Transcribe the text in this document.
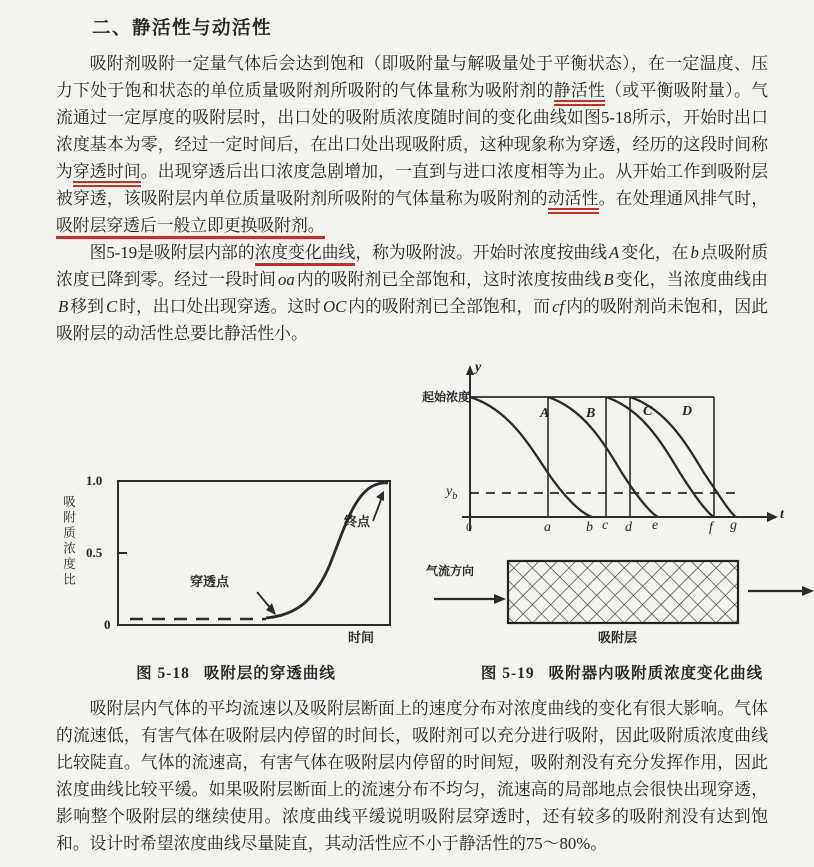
二、静活性与动活性

吸附剂吸附一定量气体后会达到饱和（即吸附量与解吸量处于平衡状态），在一定温度、压力下处于饱和状态的单位质量吸附剂所吸附的气体量称为吸附剂的静活性（或平衡吸附量）。气流通过一定厚度的吸附层时，出口处的吸附质浓度随时间的变化曲线如图5-18所示，开始时出口浓度基本为零，经过一定时间后，在出口处出现吸附质，这种现象称为穿透，经历的这段时间称为穿透时间。出现穿透后出口浓度急剧增加，一直到与进口浓度相等为止。从开始工作到吸附层被穿透，该吸附层内单位质量吸附剂所吸附的气体量称为吸附剂的动活性。在处理通风排气时，吸附层穿透后一般立即更换吸附剂。

图5-19是吸附层内部的浓度变化曲线，称为吸附波。开始时浓度按曲线 A 变化，在 b 点吸附质浓度已降到零。经过一段时间 oa 内的吸附剂已全部饱和，这时浓度按曲线 B 变化，当浓度曲线由B 移到 C 时，出口处出现穿透。这时 OC 内的吸附剂已全部饱和，而 cf 内的吸附剂尚未饱和，因此吸附层的动活性总要比静活性小。

1.0
0.5
0
吸附质浓度比	穿透点
终点
时间
图 5-18 吸附层的穿透曲线
y
t
起始浓度
$y_b$
A	B	C D
0	a	b c d e	f g
气流方向
吸附层
图 5-19 吸附器内吸附质浓度变化曲线

吸附层内气体的平均流速以及吸附层断面上的速度分布对浓度曲线的变化有很大影响。气体的流速低，有害气体在吸附层内停留的时间长，吸附剂可以充分进行吸附，因此吸附质浓度曲线比较陡直。气体的流速高，有害气体在吸附层内停留的时间短，吸附剂没有充分发挥作用，因此浓度曲线比较平缓。如果吸附层断面上的流速分布不均匀，流速高的局部地点会很快出现穿透，影响整个吸附层的继续使用。浓度曲线平缓说明吸附层穿透时，还有较多的吸附剂没有达到饱和。设计时希望浓度曲线尽量陡直，其动活性应不小于静活性的75～80%。
